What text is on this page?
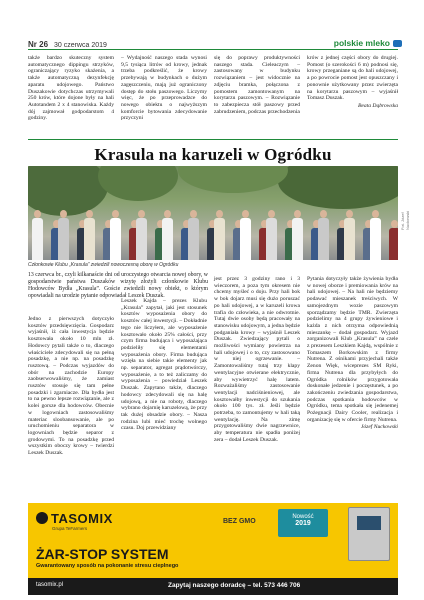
Nr 26 30 czerwca 2019	polskie mleko

także bardzo skuteczny system automatycznego dippingu strzyków, ograniczający ryzyko skażenia, a także automatyczną dezynfekcję aparatu udojowego. Państwo Duszakowie dotychczas utrzymywali 250 krów, które dojone były na hali Autotandem 2 x 4 stanowiska. Każdy dój zajmował godpodarstom 4 godziny.

– Wydajność naszego stada wynosi 9,5 tysiąca litrów od krowy, jednak trzeba podkreślić, że krowy przebywają w budynkach o dużym zagęszczeniu, mają już ograniczony dostęp do stołu paszowego. Liczymy więc, że po przeprowadzce do nowego obiektu o najwyższym komforcie bytowania zdecydowanie przyczyni

się do poprawy produktywności naszego stada. Cieleaczym – zastosowany w budynku rozwiązaniem – jest widocznie na zdjęciu bramka, połączona z pomostem zamontowanym na korytarzu paszowym. – Rozwiązanie to zabezpiecza stół paszowy przed zabrudzeniem, podczas przechodzenia

krów z jednej części obory do drugiej. Pomost (o szerokości 6 m) podnosi się, krowy przeganiane są do hali udojowej, a po powrocie pomost jest opuszczany i ponownie użytkowany przez zwierzęta na korytarzu paszowym – wyjaśnił Tomasz Duszak.

Beata Dąbrowska
Krasula na karuzeli w Ogródku
Fot. Józef Nuckowski
Członkowie Klubu „Krasula” zwiedzili nowoczesną oborę w Ogródku
13 czerwca br., czyli kilkanaście dni od uroczystego otwarcia nowej obory, w gospodarstwie państwa Duszaków wizytę złożyli członkowie Klubu Hodowców Bydła „Krasula”. Goście zwiedzili nowy obiekt, o którym opowiadali na urodzie pytanie odpowiadał Leszek Duszak.

Jedno z pierwszych dotyczyło kosztów przedsięwzięcia. Gospodarz wyjaśnił, iż cała inwestycja będzie kosztowała około 10 mln zł. Hodowcy pytali także o to, dlaczego właściciele zdecydowali się na pełną posadzkę, a nie np. na posadzkę rusztową. – Podczas wyjazdów do obór na zachodzie Europy zaobserwowaliśmy, że zamiast rusztów stosuje się tam pełne posadzki i zgarniacze. Dla bydła jest to na pewno lepsze rozwiązanie, ale z kolei gorsze dla hodowców. Obecnie w logowniach zastosowaliśmy materiac sloobansowanie, ale po uruchomieniu separatora w logowniach będzie separor z grodowymi. To na posadzkę przed wszystkim oboczy krowy – twierdzi Leszek Duszak.

Leszek Kajda – prezes Klubu „Krasula” zapytał, jaki jest stosunek kosztów wyposażenia obory do kosztów całej inwestycji. – Dokładnie tego nie liczyłem, ale wyposażenie kosztowało około 25% całości, przy czym firma budująca i wyposażająca podzieliły się elementami wyposażenia obory. Firma budująca wzięła na siebie takie elementy jak np. separator, agregat prądotwórczy, wyposażenie, a to też zaliczamy do wyposażenia – powiedział Leszek Duszak. Zapytano także, dlaczego hodowcy zdecydowali się na halę udojową, a nie na roboty, dlaczego wybrano dojarnię karuzelową, że przy tak dużej obsadzie obory. – Nasza rodzina lubi mieć trochę wolnego czasu. Doj przewidziany

jest przez 3 godziny rano i 3 wieczorem, a poza tym okresem nie chcemy myśleć o doju. Przy hali bok w bok dojarz musi się dużo poruszać po hali udojowej, a w karuzeli krowa trafia do człowieka, a nie odwrotnie. Tutaj dwie osoby będą pracowały na stanowisku udojowym, a jedna będzie podganiała krowy – wyjaśnił Leszek Duszak. Zwiedzający pytali o możliwości wymiany powietrza na hali udojowej i o to, czy zastosowano w niej ogrzewanie. – Zamontowaliśmy tutaj trzy klapy wentylacyjne otwierane elektrycznie, aby wywietrzyć halę latem. Rozważaliśmy zastosowanie wentylacji nadciśnieniowej, ale kosztowałby inwestycji do szukania około 100 tys. zł. Jeśli będzie potrzeba, to zamontujemy w hali taką wentylację. Na zimę przygotowaliśmy dwie nagrzewnice, aby temperatura nie spadła poniżej zera – dodał Leszek Duszak.

Pytania dotyczyły także żywienia bydła w nowej oborze i premiowania krów na hali udojowej. – Na hali nie będziemy podawać mieszanek treściwych. W samojezdnym wozie paszowym sporządzamy będzie TMR. Zwierzęta podzielimy na 4 grupy żywieniowe i każda z nich otrzyma odpowiednią mieszankę – dodał gospodarz. Wyjazd zorganizowali Klub „Krasula” na czele z prezesem Leszkiem Kajdą, wspólnie z Tomaszem Borkowskim z firmy Nutrena. Z ośnikami przyjechali także Zenon Więk, wiceprezes SM Ryki, firma Nutrena dla przybyłych do Ogródka rolników przygotowała doskonałe jedzenie i poczęstunek, a po zakończeniu zwiedzania gospodarstwa, podczas spotkania hodowców w Ogródku, tema spotkała się jedenemej Pożegnacji Dairy Cooler, realizacja i organizację się w ofercie firmy Nutrena.

Józef Nuckowski
TASOMIX
Grupa TeFarmers
BEZ GMO
Nowość
2019
ŻAR-STOP SYSTEM
Gwarantowany sposób na pokonanie stresu cieplnego
tasomix.pl	Zapytaj naszego doradcę – tel. 573 446 706
